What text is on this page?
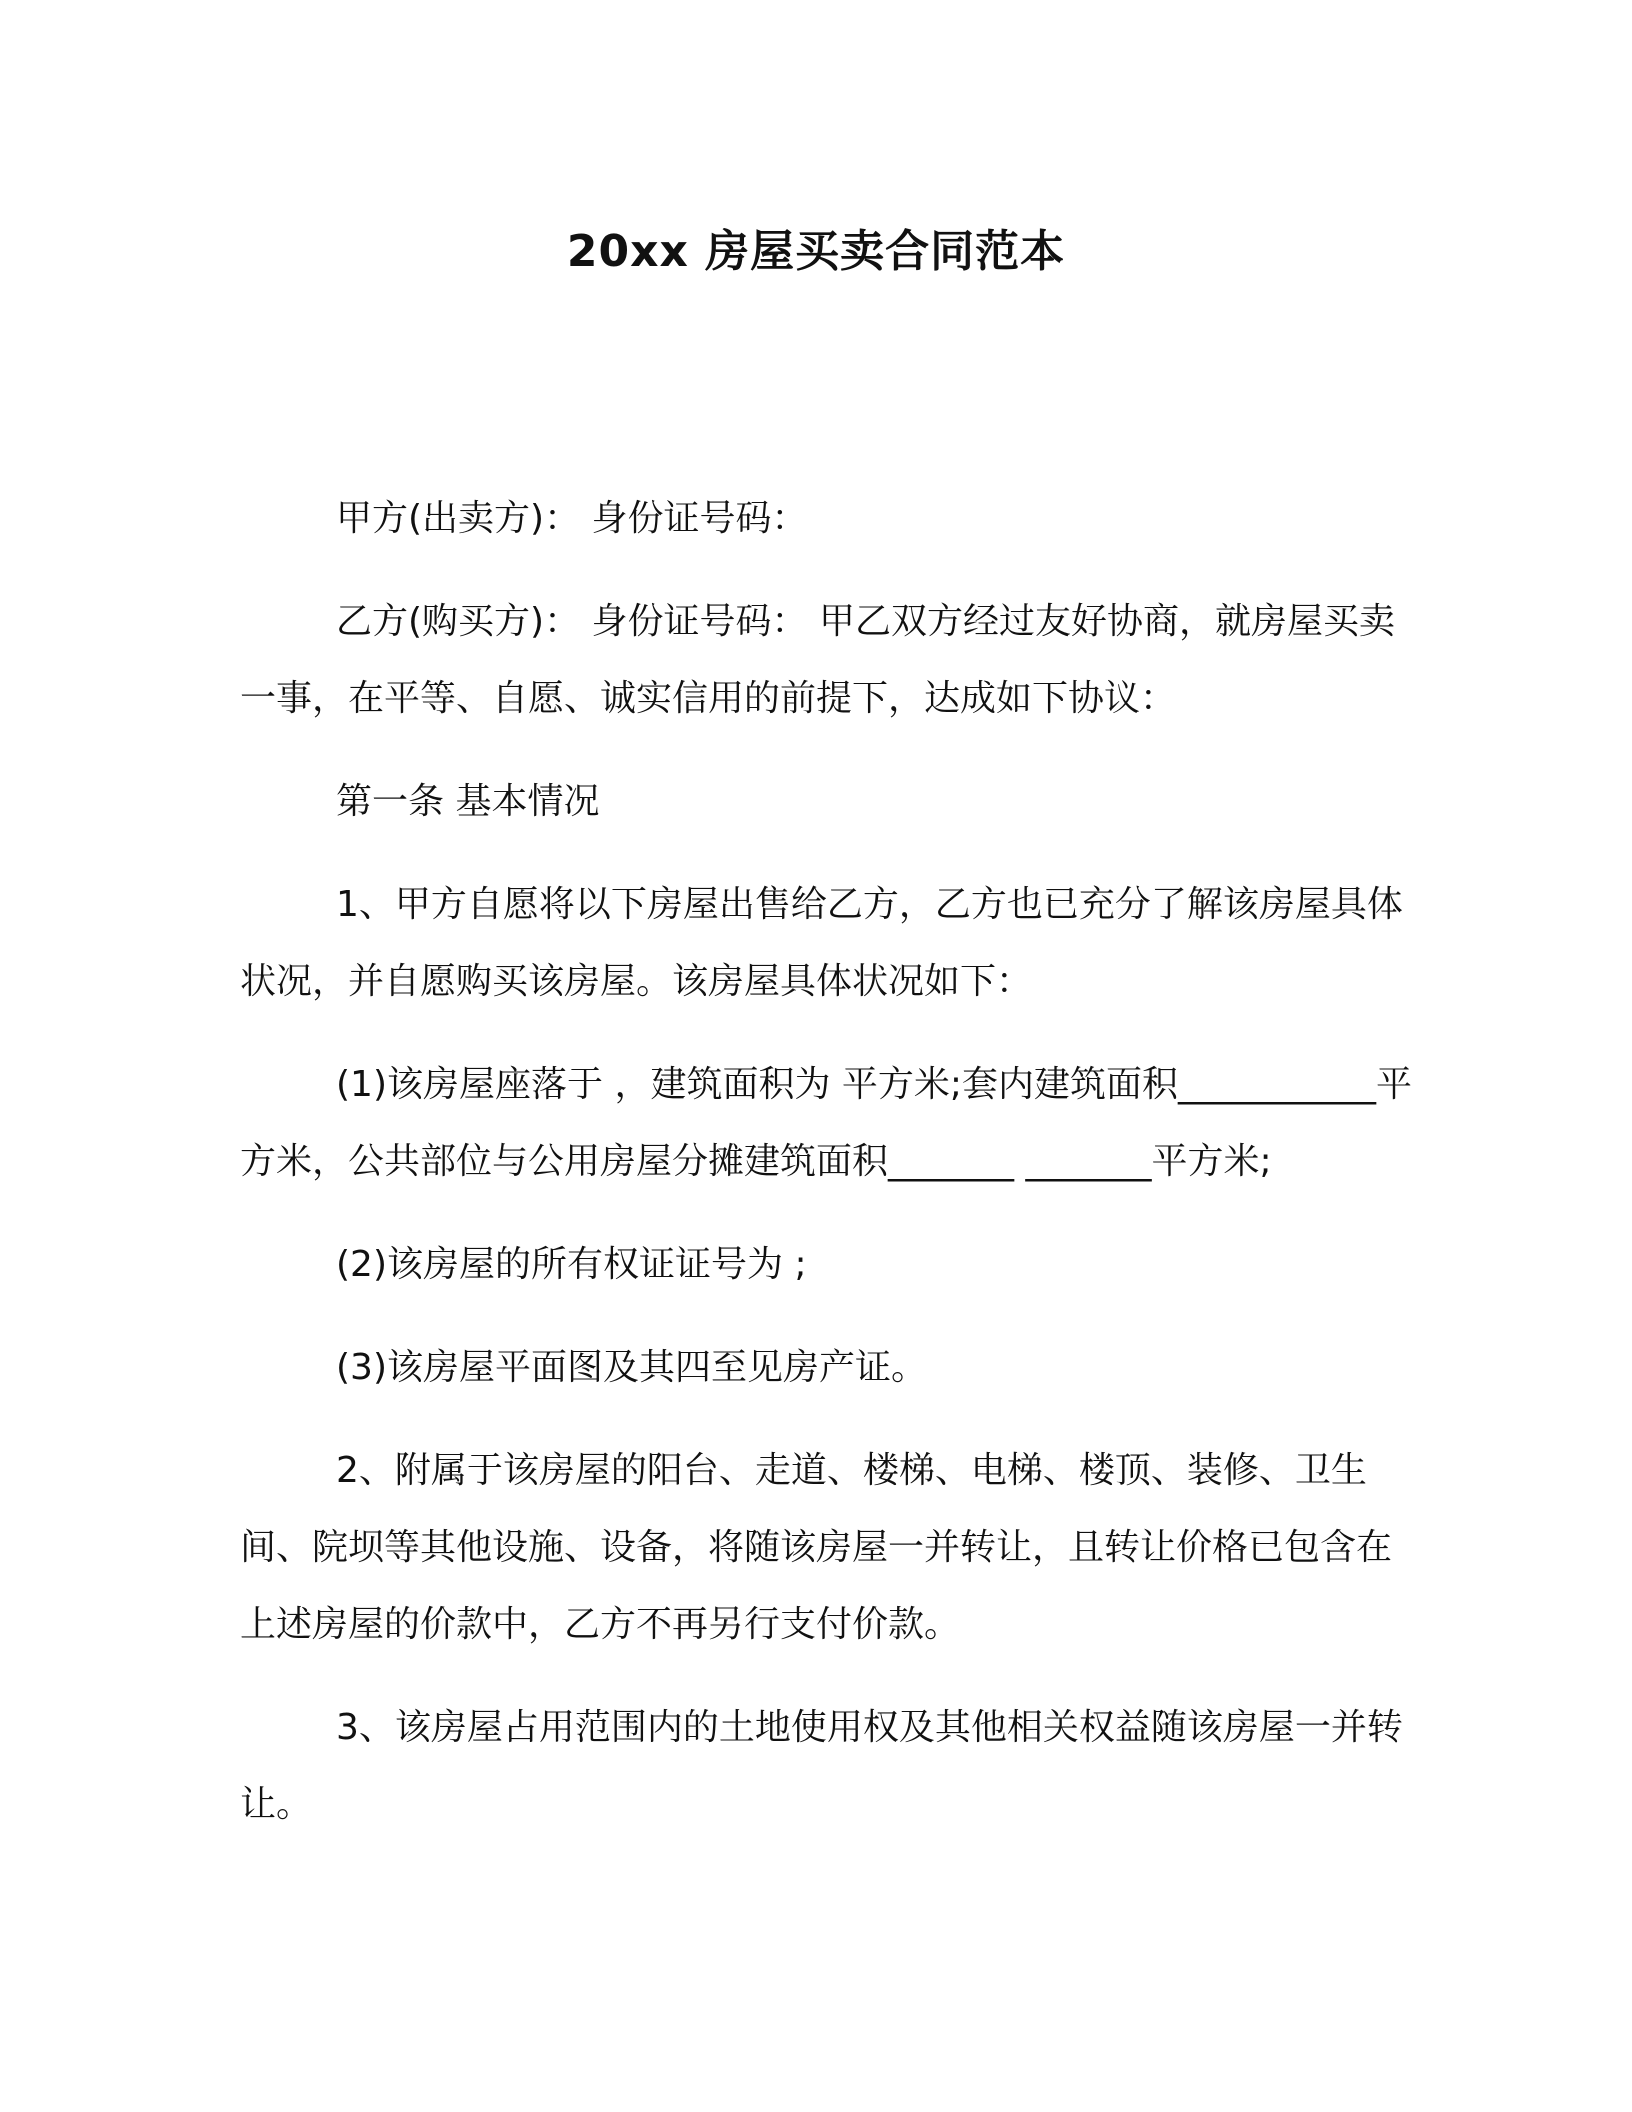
20xx 房屋买卖合同范本

甲方(出卖方)： 身份证号码：

乙方(购买方)： 身份证号码： 甲乙双方经过友好协商，就房屋买卖一事，在平等、自愿、诚实信用的前提下，达成如下协议：

第一条 基本情况

1、甲方自愿将以下房屋出售给乙方，乙方也已充分了解该房屋具体状况，并自愿购买该房屋。该房屋具体状况如下：

(1)该房屋座落于 ，建筑面积为 平方米;套内建筑面积___________平方米，公共部位与公用房屋分摊建筑面积_______ _______平方米;

(2)该房屋的所有权证证号为 ;

(3)该房屋平面图及其四至见房产证。

2、附属于该房屋的阳台、走道、楼梯、电梯、楼顶、装修、卫生间、院坝等其他设施、设备，将随该房屋一并转让，且转让价格已包含在上述房屋的价款中，乙方不再另行支付价款。

3、该房屋占用范围内的土地使用权及其他相关权益随该房屋一并转让。
